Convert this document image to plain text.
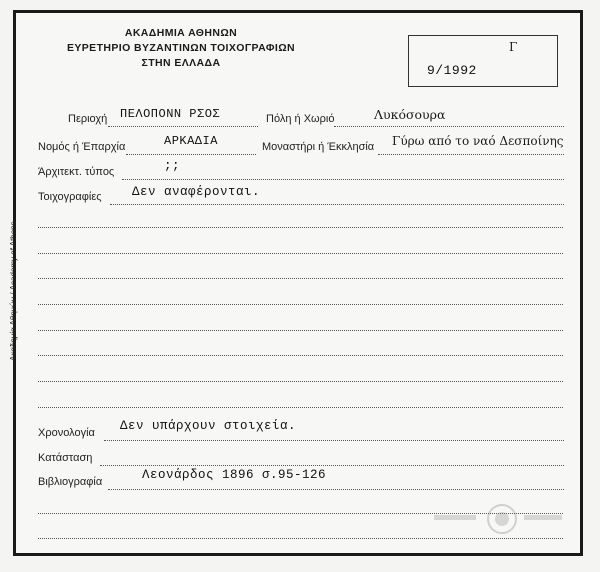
Ακαδημία Αθηνών / Academy of Athens
ΑΚΑΔΗΜΙΑ ΑΘΗΝΩΝ
ΕΥΡΕΤΗΡΙΟ ΒΥΖΑΝΤΙΝΩΝ ΤΟΙΧΟΓΡΑΦΙΩΝ
ΣΤΗΝ ΕΛΛΑΔΑ
Γ
9/1992
Περιοχή ΠΕΛΟΠΟΝΝ ΡΣΟΣ	Πόλη ή Χωριό	Λυκόσουρα
Νομός ή Έπαρχία	ΑΡΚΑΔΙΑ	Μοναστήρι ή Έκκλησία Γύρω από το ναό Δεσποίνης
Άρχιτεκτ. τύπος	;;
Τοιχογραφίες Δεν αναφέρονται.
Χρονολογία Δεν υπάρχουν στοιχεία.
Κατάσταση
Βιβλιογραφία	Λεονάρδος 1896 σ.95-126
